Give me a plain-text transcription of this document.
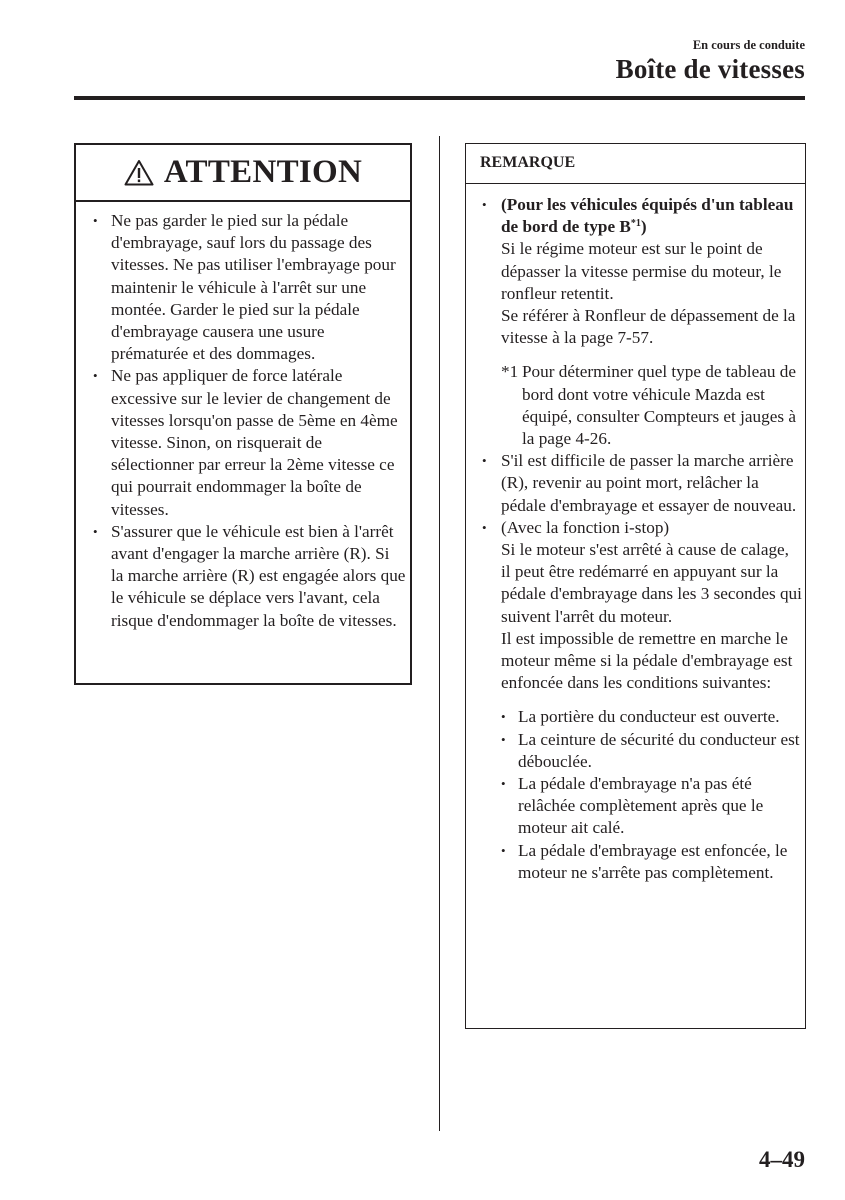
En cours de conduite
Boîte de vitesses
ATTENTION
• Ne pas garder le pied sur la pédale d'embrayage, sauf lors du passage des vitesses. Ne pas utiliser l'embrayage pour maintenir le véhicule à l'arrêt sur une montée. Garder le pied sur la pédale d'embrayage causera une usure prématurée et des dommages.
• Ne pas appliquer de force latérale excessive sur le levier de changement de vitesses lorsqu'on passe de 5ème en 4ème vitesse. Sinon, on risquerait de sélectionner par erreur la 2ème vitesse ce qui pourrait endommager la boîte de vitesses.
• S'assurer que le véhicule est bien à l'arrêt avant d'engager la marche arrière (R). Si la marche arrière (R) est engagée alors que le véhicule se déplace vers l'avant, cela risque d'endommager la boîte de vitesses.
REMARQUE
• (Pour les véhicules équipés d'un tableau de bord de type $B^{*1}$)
Si le régime moteur est sur le point de dépasser la vitesse permise du moteur, le ronfleur retentit.
Se référer à Ronfleur de dépassement de la vitesse à la page 7-57.
*1 Pour déterminer quel type de tableau de bord dont votre véhicule Mazda est équipé, consulter Compteurs et jauges à la page 4-26.
• S'il est difficile de passer la marche arrière (R), revenir au point mort, relâcher la pédale d'embrayage et essayer de nouveau.
• (Avec la fonction i-stop)
Si le moteur s'est arrêté à cause de calage, il peut être redémarré en appuyant sur la pédale d'embrayage dans les 3 secondes qui suivent l'arrêt du moteur.
Il est impossible de remettre en marche le moteur même si la pédale d'embrayage est enfoncée dans les conditions suivantes:
• La portière du conducteur est ouverte.
• La ceinture de sécurité du conducteur est débouclée.
• La pédale d'embrayage n'a pas été relâchée complètement après que le moteur ait calé.
• La pédale d'embrayage est enfoncée, le moteur ne s'arrête pas complètement.
4–49
